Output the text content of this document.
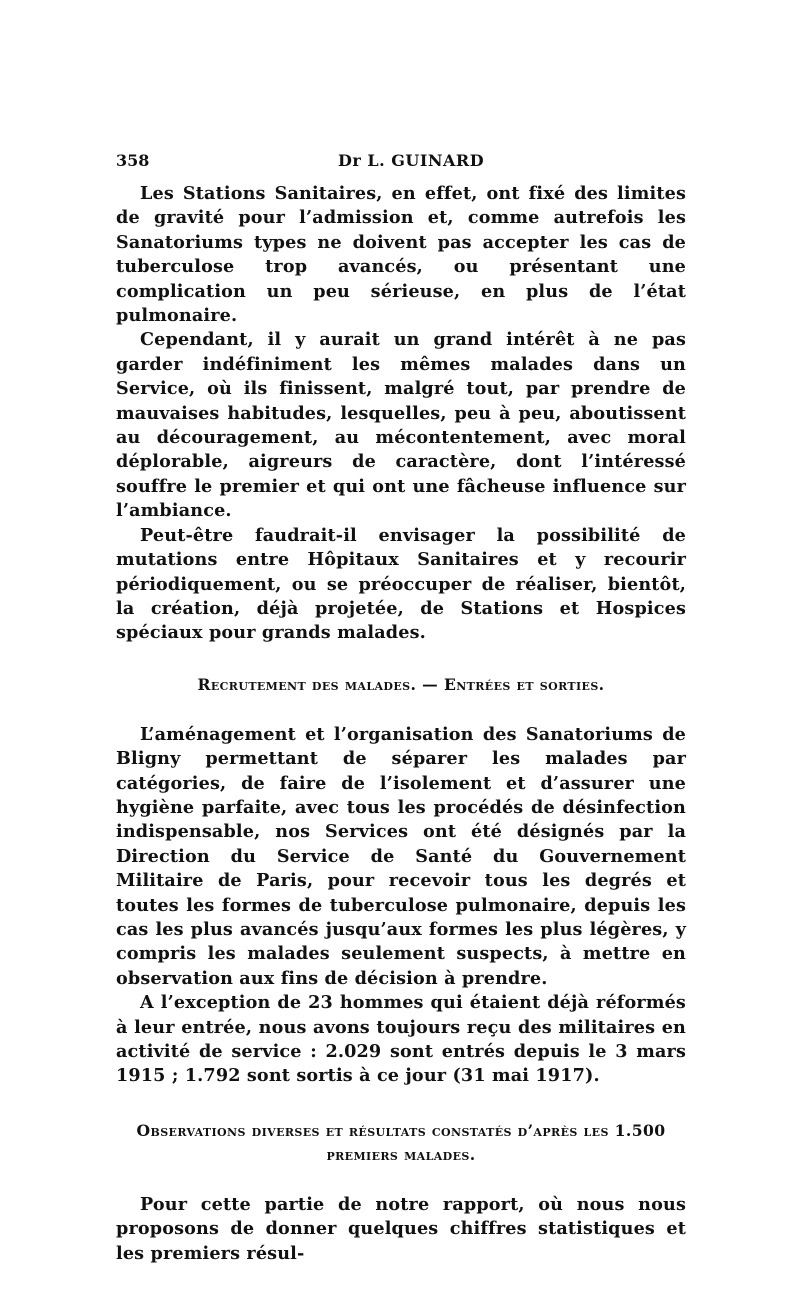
358	Dr L. GUINARD

Les Stations Sanitaires, en effet, ont fixé des limites de gravité pour l’admission et, comme autrefois les Sanatoriums types ne doivent pas accepter les cas de tuberculose trop avancés, ou présentant une complication un peu sérieuse, en plus de l’état pulmonaire.

Cependant, il y aurait un grand intérêt à ne pas garder indéfiniment les mêmes malades dans un Service, où ils finissent, malgré tout, par prendre de mauvaises habitudes, lesquelles, peu à peu, aboutissent au découragement, au mécontentement, avec moral déplorable, aigreurs de caractère, dont l’intéressé souffre le premier et qui ont une fâcheuse influence sur l’ambiance.

Peut-être faudrait-il envisager la possibilité de mutations entre Hôpitaux Sanitaires et y recourir périodiquement, ou se préoccuper de réaliser, bientôt, la création, déjà projetée, de Stations et Hospices spéciaux pour grands malades.

Recrutement des malades. — Entrées et sorties.

L’aménagement et l’organisation des Sanatoriums de Bligny permettant de séparer les malades par catégories, de faire de l’isolement et d’assurer une hygiène parfaite, avec tous les procédés de désinfection indispensable, nos Services ont été désignés par la Direction du Service de Santé du Gouvernement Militaire de Paris, pour recevoir tous les degrés et toutes les formes de tuberculose pulmonaire, depuis les cas les plus avancés jusqu’aux formes les plus légères, y compris les malades seulement suspects, à mettre en observation aux fins de décision à prendre.

A l’exception de 23 hommes qui étaient déjà réformés à leur entrée, nous avons toujours reçu des militaires en activité de service : 2.029 sont entrés depuis le 3 mars 1915 ; 1.792 sont sortis à ce jour (31 mai 1917).

Observations diverses et résultats constatés d’après les 1.500 premiers malades.

Pour cette partie de notre rapport, où nous nous proposons de donner quelques chiffres statistiques et les premiers résul-
